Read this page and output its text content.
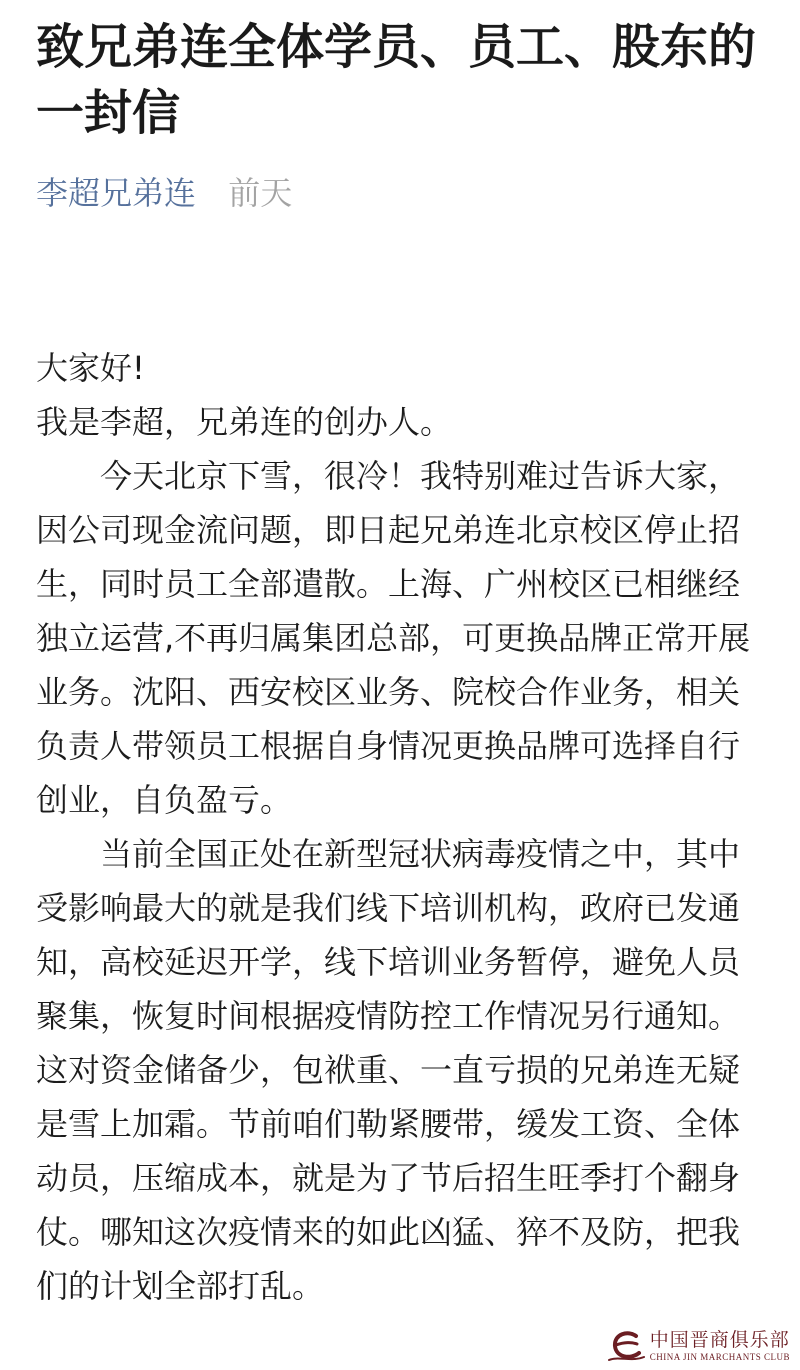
致兄弟连全体学员、员工、股东的一封信
李超兄弟连 前天

大家好!

我是李超，兄弟连的创办人。

今天北京下雪，很冷！我特别难过告诉大家，因公司现金流问题，即日起兄弟连北京校区停止招生，同时员工全部遣散。上海、广州校区已相继经独立运营,不再归属集团总部，可更换品牌正常开展业务。沈阳、西安校区业务、院校合作业务，相关负责人带领员工根据自身情况更换品牌可选择自行创业，自负盈亏。

当前全国正处在新型冠状病毒疫情之中，其中受影响最大的就是我们线下培训机构，政府已发通知，高校延迟开学，线下培训业务暂停，避免人员聚集，恢复时间根据疫情防控工作情况另行通知。这对资金储备少，包袱重、一直亏损的兄弟连无疑是雪上加霜。节前咱们勒紧腰带，缓发工资、全体动员，压缩成本，就是为了节后招生旺季打个翻身仗。哪知这次疫情来的如此凶猛、猝不及防，把我们的计划全部打乱。

中国晋商俱乐部
CHINA JIN MARCHANTS CLUB
